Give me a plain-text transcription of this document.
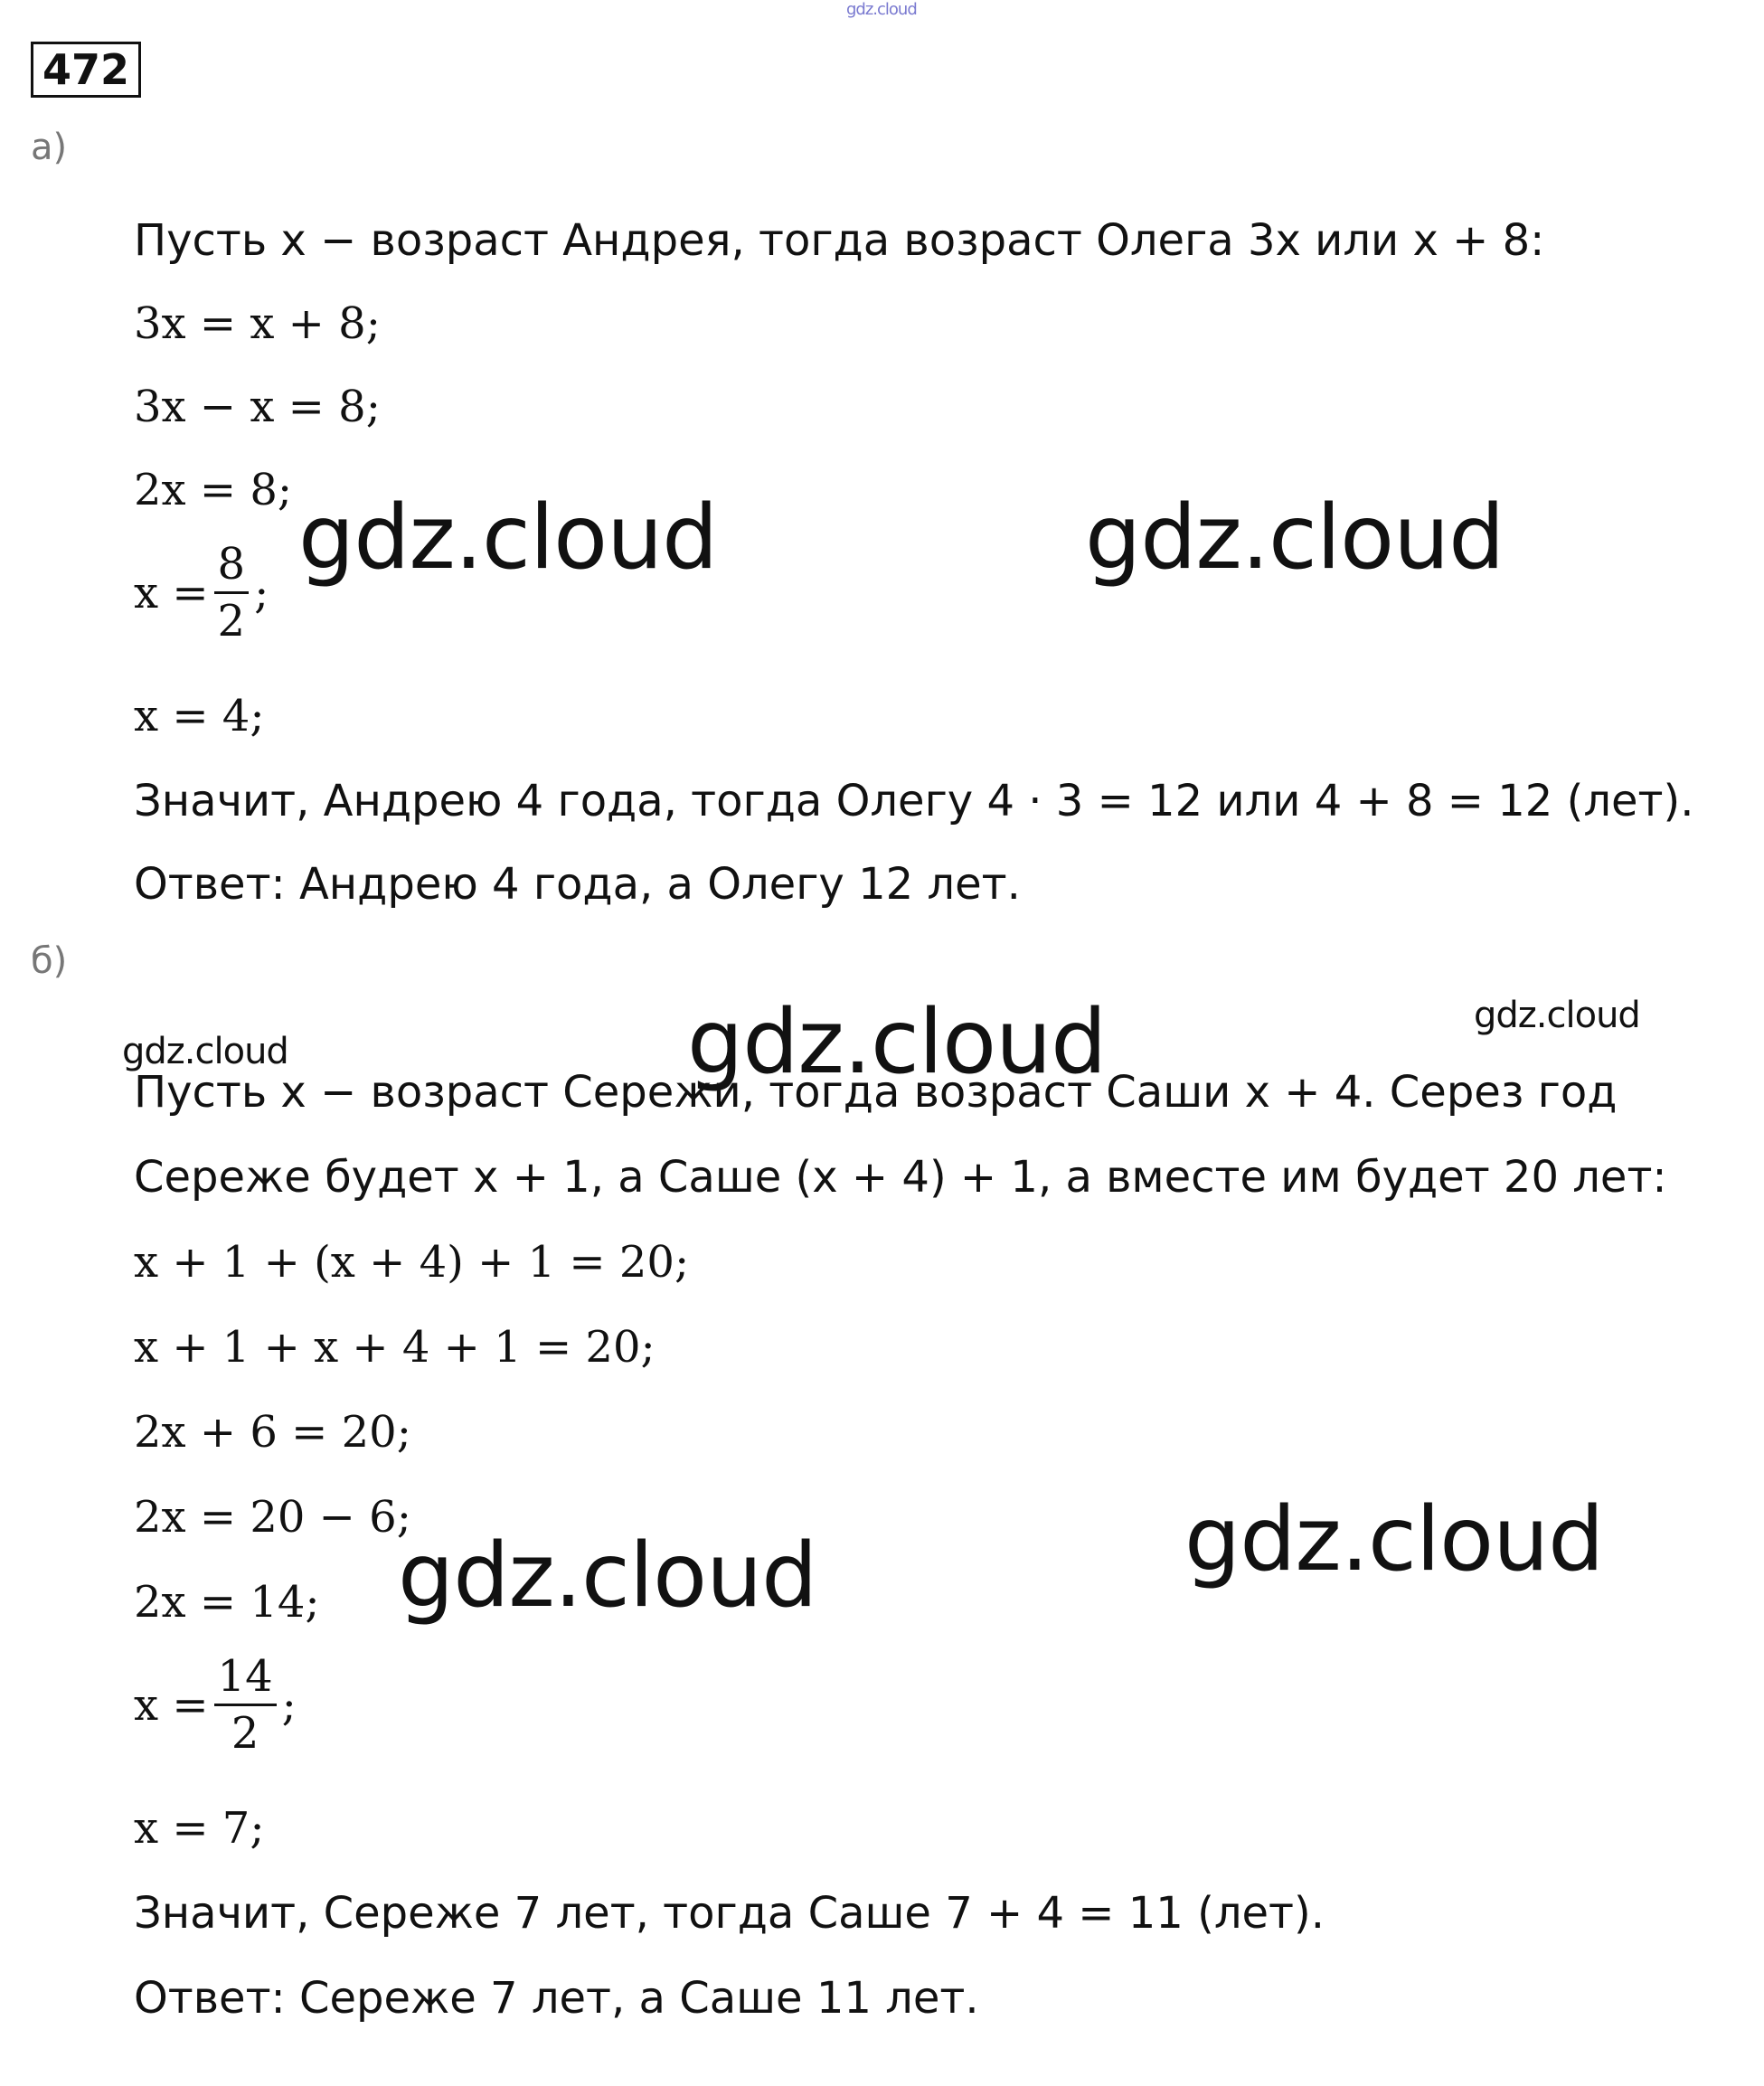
gdz.cloud
472
а)
Пусть x − возраст Андрея, тогда возраст Олега 3x или x + 8:
3x = x + 8;
3x − x = 8;
2x = 8;
$x = \frac{8}{2}$ ;
x = 4;
Значит, Андрею 4 года, тогда Олегу 4 · 3 = 12 или 4 + 8 = 12 (лет).
Ответ: Андрею 4 года, а Олегу 12 лет.
б)
Пусть x − возраст Сережи, тогда возраст Саши x + 4. Серез год
Сереже будет x + 1, а Саше (x + 4) + 1, а вместе им будет 20 лет:
x + 1 + (x + 4) + 1 = 20;
x + 1 + x + 4 + 1 = 20;
2x + 6 = 20;
2x = 20 − 6;
2x = 14;
$x = \frac{14}{2}$ ;
x = 7;
Значит, Сереже 7 лет, тогда Саше 7 + 4 = 11 (лет).
Ответ: Сереже 7 лет, а Саше 11 лет.
gdz.cloud	gdz.cloud
gdz.cloud	gdz.cloud
gdz.cloud
gdz.cloud
gdz.cloud
